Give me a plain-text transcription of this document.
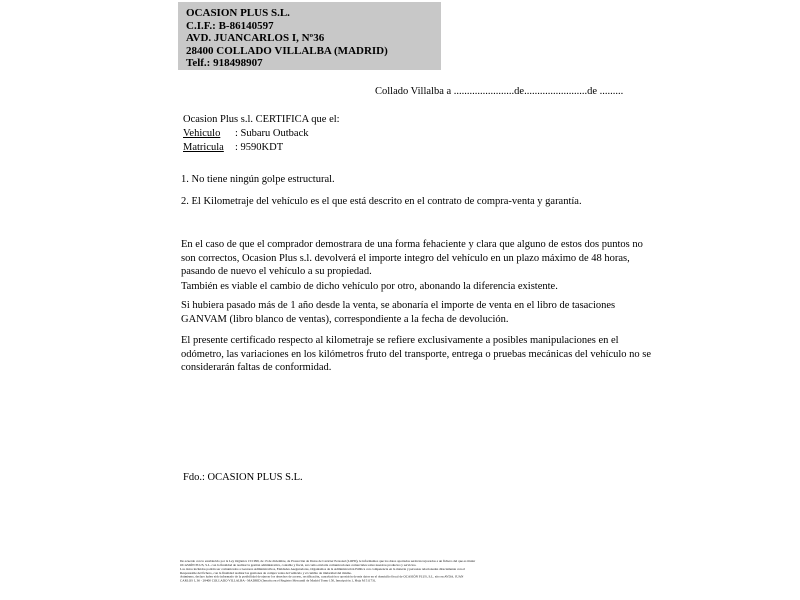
OCASION PLUS S.L.
C.I.F.: B-86140597
AVD. JUANCARLOS I, Nº36
28400 COLLADO VILLALBA (MADRID)
Telf.: 918498907
Collado Villalba a .......................de........................de .........
Ocasion Plus s.l. CERTIFICA que el:
Vehiculo : Subaru Outback
Matricula : 9590KDT
1. No tiene ningún golpe estructural.
2. El Kilometraje del vehículo es el que está descrito en el contrato de compra-venta y garantía.
En el caso de que el comprador demostrara de una forma fehaciente y clara que alguno de estos dos puntos no son correctos, Ocasion Plus s.l. devolverá el importe integro del vehículo en un plazo máximo de 48 horas, pasando de nuevo el vehículo a su propiedad.
También es viable el cambio de dicho vehículo por otro, abonando la diferencia existente.
Si hubiera pasado más de 1 año desde la venta, se abonaría el importe de venta en el libro de tasaciones GANVAM (libro blanco de ventas), correspondiente a la fecha de devolución.
El presente certificado respecto al kilometraje se refiere exclusivamente a posibles manipulaciones en el odómetro, las variaciones en los kilómetros fruto del transporte, entrega o pruebas mecánicas del vehículo no se considerarán faltas de conformidad.
Fdo.: OCASION PLUS S.L.
De acuerdo con lo establecido por la Ley Orgánica 15/1999, de 13 de diciembre, de Protección de Datos de Carácter Personal (LOPD), le informamos que los datos aportados serán incorporados a un fichero del que es titular
OCASIÓN PLUS, S.L. con la finalidad de realizar la gestión administrativa, contable y fiscal, así como enviarle comunicaciones comerciales sobre nuestros productos y servicios.
Los datos incluidos podrán ser comunicados a Gestores Administrativos, Entidades Aseguradoras, Organismos de la Administración Pública con competencia en la materia y personas relacionadas directamente con el
Responsable del fichero, con la finalidad realizar las gestiones de compra venta del vehículo y el cambio de titularidad del mismo.
Asimismo, declaro haber sido informado de la posibilidad de ejercer los derechos de acceso, rectificación, cancelación y oposición de mis datos en el domicilio fiscal de OCASIÓN PLUS, S.L. sito en AVDA. JUAN
CARLOS I, 36 - 28400 COLLADO VILLALBA - MADRID (Inscrita en el Registro Mercantil de Madrid Tomo 150, Inscripción 1, Hoja M 511731.
